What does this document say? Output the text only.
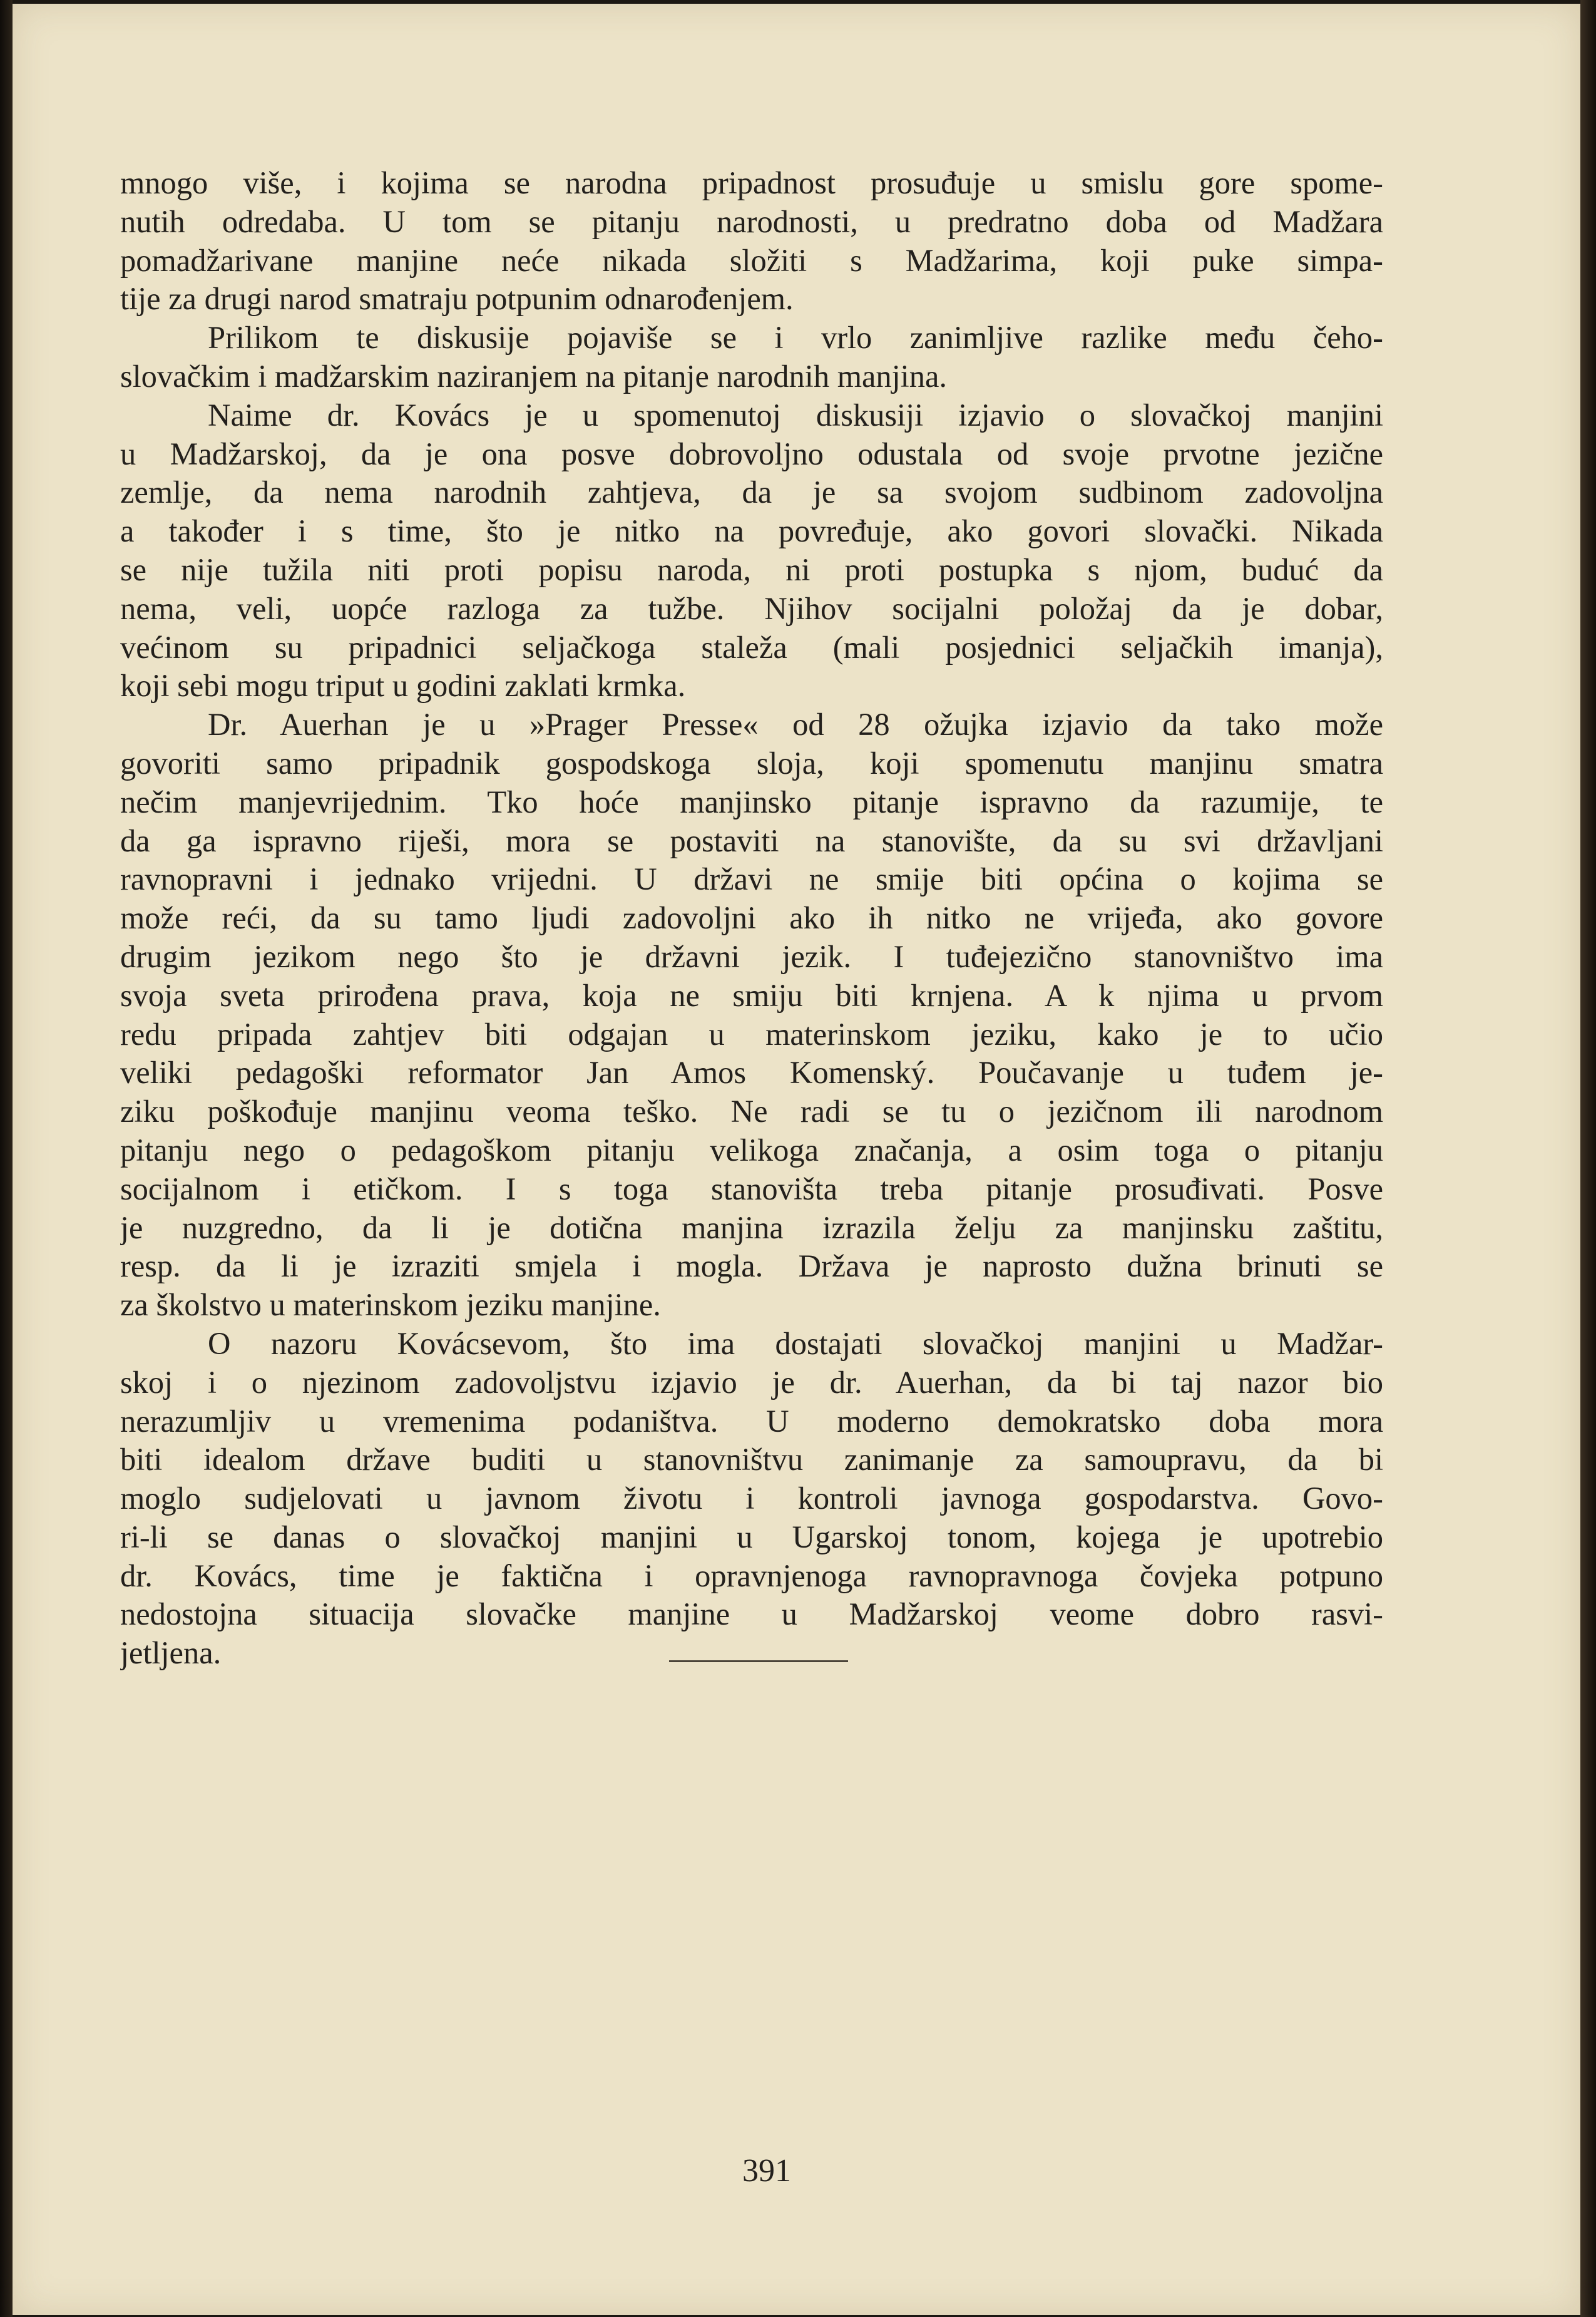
mnogo više, i kojima se narodna pripadnost prosuđuje u smislu gore spome-
nutih odredaba. U tom se pitanju narodnosti, u predratno doba od Madžara
pomadžarivane manjine neće nikada složiti s Madžarima, koji puke simpa-
tije za drugi narod smatraju potpunim odnarođenjem.
Prilikom te diskusije pojaviše se i vrlo zanimljive razlike među čeho-
slovačkim i madžarskim naziranjem na pitanje narodnih manjina.
Naime dr. Kovács je u spomenutoj diskusiji izjavio o slovačkoj manjini
u Madžarskoj, da je ona posve dobrovoljno odustala od svoje prvotne jezične
zemlje, da nema narodnih zahtjeva, da je sa svojom sudbinom zadovoljna
a također i s time, što je nitko na povređuje, ako govori slovački. Nikada
se nije tužila niti proti popisu naroda, ni proti postupka s njom, buduć da
nema, veli, uopće razloga za tužbe. Njihov socijalni položaj da je dobar,
većinom su pripadnici seljačkoga staleža (mali posjednici seljačkih imanja),
koji sebi mogu triput u godini zaklati krmka.
Dr. Auerhan je u »Prager Presse« od 28 ožujka izjavio da tako može
govoriti samo pripadnik gospodskoga sloja, koji spomenutu manjinu smatra
nečim manjevrijednim. Tko hoće manjinsko pitanje ispravno da razumije, te
da ga ispravno riješi, mora se postaviti na stanovište, da su svi državljani
ravnopravni i jednako vrijedni. U državi ne smije biti općina o kojima se
može reći, da su tamo ljudi zadovoljni ako ih nitko ne vrijeđa, ako govore
drugim jezikom nego što je državni jezik. I tuđejezično stanovništvo ima
svoja sveta prirođena prava, koja ne smiju biti krnjena. A k njima u prvom
redu pripada zahtjev biti odgajan u materinskom jeziku, kako je to učio
veliki pedagoški reformator Jan Amos Komenský. Poučavanje u tuđem je-
ziku poškođuje manjinu veoma teško. Ne radi se tu o jezičnom ili narodnom
pitanju nego o pedagoškom pitanju velikoga značanja, a osim toga o pitanju
socijalnom i etičkom. I s toga stanovišta treba pitanje prosuđivati. Posve
je nuzgredno, da li je dotična manjina izrazila želju za manjinsku zaštitu,
resp. da li je izraziti smjela i mogla. Država je naprosto dužna brinuti se
za školstvo u materinskom jeziku manjine.
O nazoru Kovácsevom, što ima dostajati slovačkoj manjini u Madžar-
skoj i o njezinom zadovoljstvu izjavio je dr. Auerhan, da bi taj nazor bio
nerazumljiv u vremenima podaništva. U moderno demokratsko doba mora
biti idealom države buditi u stanovništvu zanimanje za samoupravu, da bi
moglo sudjelovati u javnom životu i kontroli javnoga gospodarstva. Govo-
ri-li se danas o slovačkoj manjini u Ugarskoj tonom, kojega je upotrebio
dr. Kovács, time je faktična i opravnjenoga ravnopravnoga čovjeka potpuno
nedostojna situacija slovačke manjine u Madžarskoj veome dobro rasvi-
jetljena.
391
